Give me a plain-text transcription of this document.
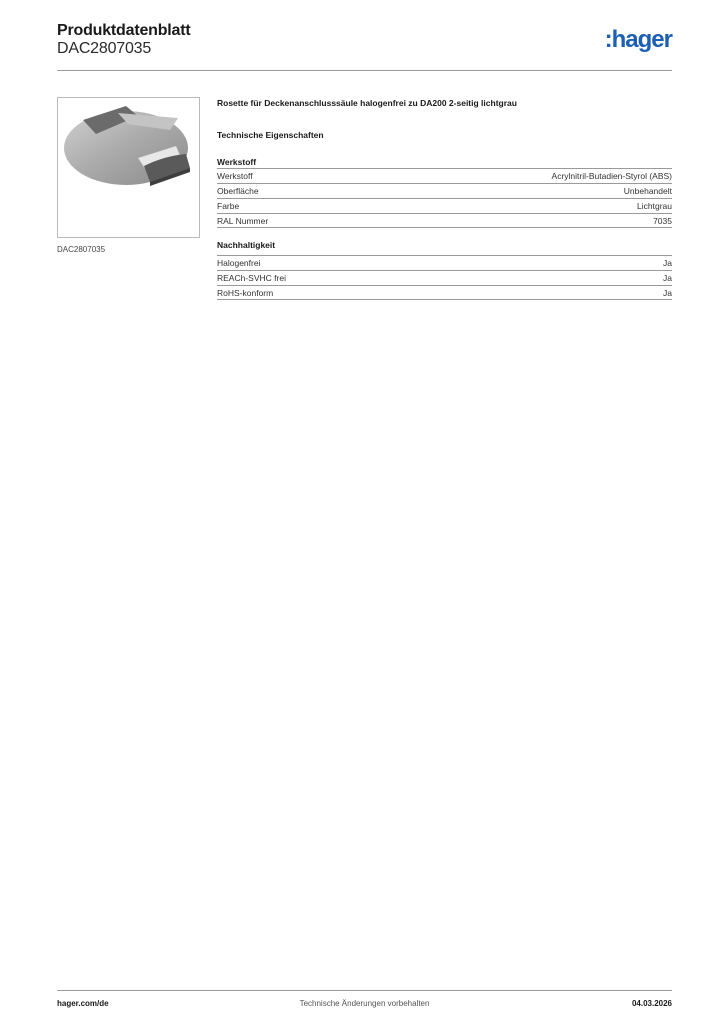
Produktdatenblatt
DAC2807035	:hager
DAC2807035

Rosette für Deckenanschlusssäule halogenfrei zu DA200 2-seitig lichtgrau

Technische Eigenschaften
Werkstoff
Werkstoff	Acrylnitril-Butadien-Styrol (ABS)
Oberfläche	Unbehandelt
Farbe	Lichtgrau
RAL Nummer	7035
Nachhaltigkeit
Halogenfrei	Ja
REACh-SVHC frei	Ja
RoHS-konform	Ja
hager.com/de	Technische Änderungen vorbehalten	04.03.2026
